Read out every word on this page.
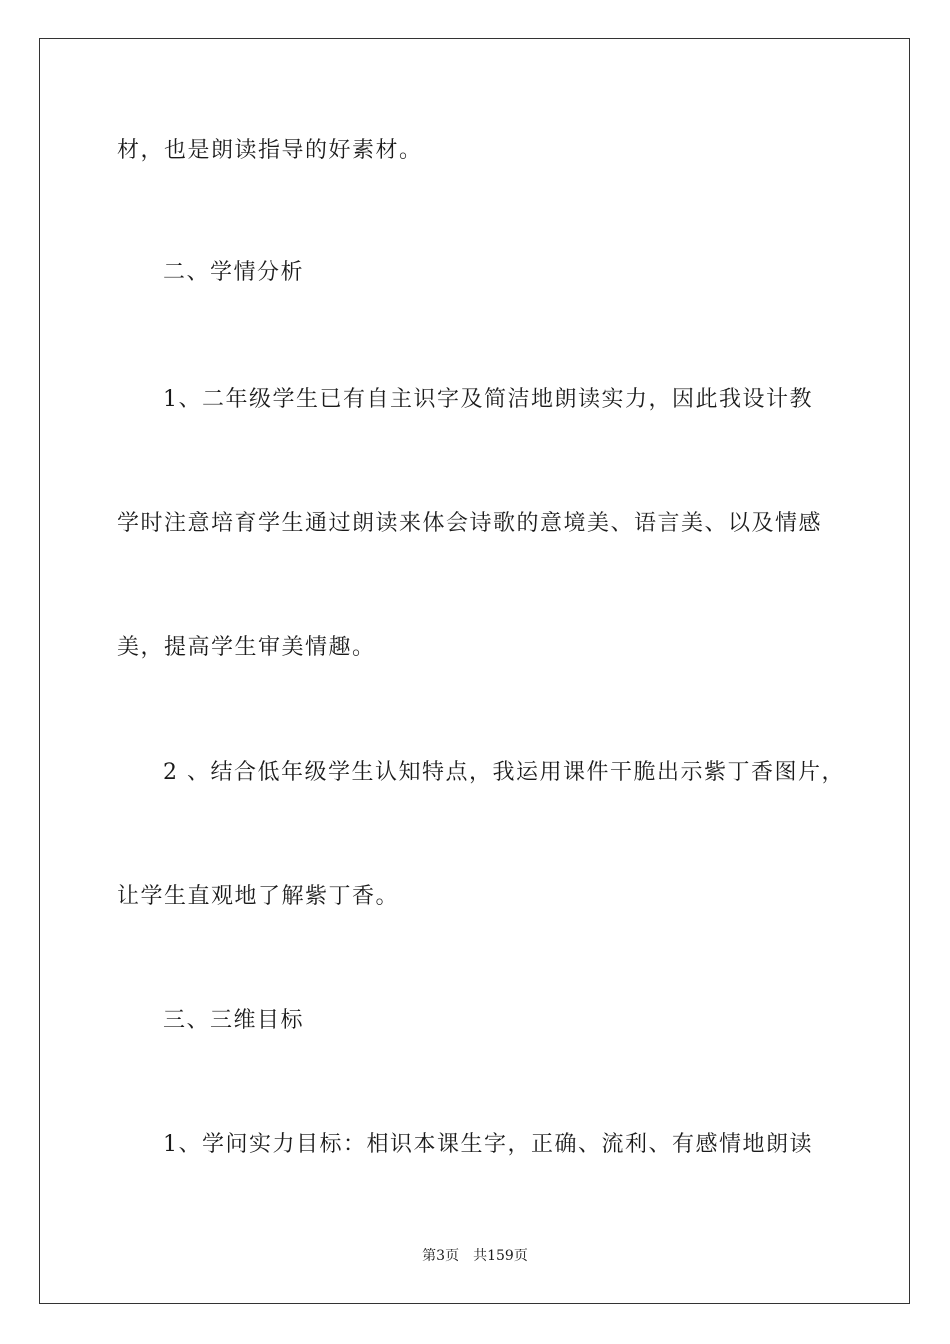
材，也是朗读指导的好素材。
二、学情分析
1、二年级学生已有自主识字及简洁地朗读实力，因此我设计教
学时注意培育学生通过朗读来体会诗歌的意境美、语言美、以及情感
美，提高学生审美情趣。
2 、结合低年级学生认知特点，我运用课件干脆出示紫丁香图片，
让学生直观地了解紫丁香。
三、三维目标
1、学问实力目标：相识本课生字，正确、流利、有感情地朗读
第3页 共159页
